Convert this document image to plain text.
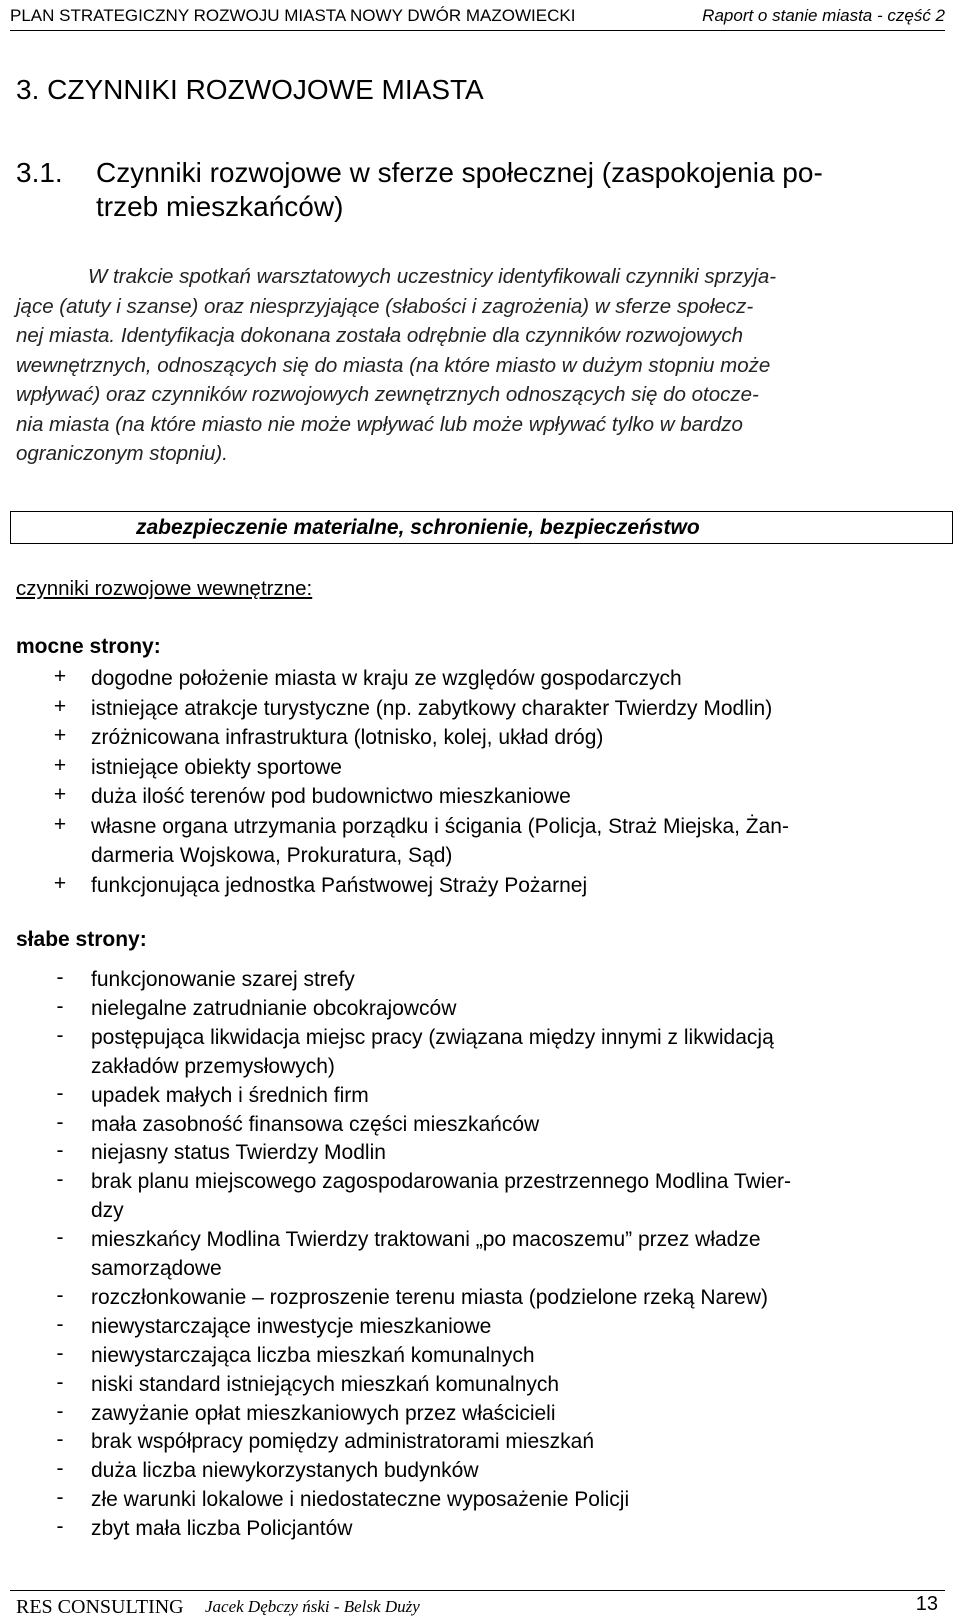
PLAN STRATEGICZNY ROZWOJU MIASTA NOWY DWÓR MAZOWIECKI	Raport o stanie miasta - część 2
3. CZYNNIKI ROZWOJOWE MIASTA
3.1. Czynniki rozwojowe w sferze społecznej (zaspokojenia po-
trzeb mieszkańców)
W trakcie spotkań warsztatowych uczestnicy identyfikowali czynniki sprzyja-
jące (atuty i szanse) oraz niesprzyjające (słabości i zagrożenia) w sferze społecz-
nej miasta. Identyfikacja dokonana została odrębnie dla czynników rozwojowych
wewnętrznych, odnoszących się do miasta (na które miasto w dużym stopniu może
wpływać) oraz czynników rozwojowych zewnętrznych odnoszących się do otocze-
nia miasta (na które miasto nie może wpływać lub może wpływać tylko w bardzo
ograniczonym stopniu).
zabezpieczenie materialne, schronienie, bezpieczeństwo
czynniki rozwojowe wewnętrzne:
mocne strony:
+ dogodne położenie miasta w kraju ze względów gospodarczych
+ istniejące atrakcje turystyczne (np. zabytkowy charakter Twierdzy Modlin)
+ zróżnicowana infrastruktura (lotnisko, kolej, układ dróg)
+ istniejące obiekty sportowe
+ duża ilość terenów pod budownictwo mieszkaniowe
+ własne organa utrzymania porządku i ścigania (Policja, Straż Miejska, Żan-
darmeria Wojskowa, Prokuratura, Sąd)
+ funkcjonująca jednostka Państwowej Straży Pożarnej
słabe strony:
-	funkcjonowanie szarej strefy
-	nielegalne zatrudnianie obcokrajowców
-	postępująca likwidacja miejsc pracy (związana między innymi z likwidacją
zakładów przemysłowych)
-	upadek małych i średnich firm
-	mała zasobność finansowa części mieszkańców
-	niejasny status Twierdzy Modlin
-	brak planu miejscowego zagospodarowania przestrzennego Modlina Twier-
dzy
-	mieszkańcy Modlina Twierdzy traktowani „po macoszemu” przez władze
samorządowe
-	rozczłonkowanie – rozproszenie terenu miasta (podzielone rzeką Narew)
-	niewystarczające inwestycje mieszkaniowe
-	niewystarczająca liczba mieszkań komunalnych
-	niski standard istniejących mieszkań komunalnych
-	zawyżanie opłat mieszkaniowych przez właścicieli
-	brak współpracy pomiędzy administratorami mieszkań
-	duża liczba niewykorzystanych budynków
-	złe warunki lokalowe i niedostateczne wyposażenie Policji
-	zbyt mała liczba Policjantów
RES CONSULTING Jacek Dębczy ński - Belsk Duży	13
